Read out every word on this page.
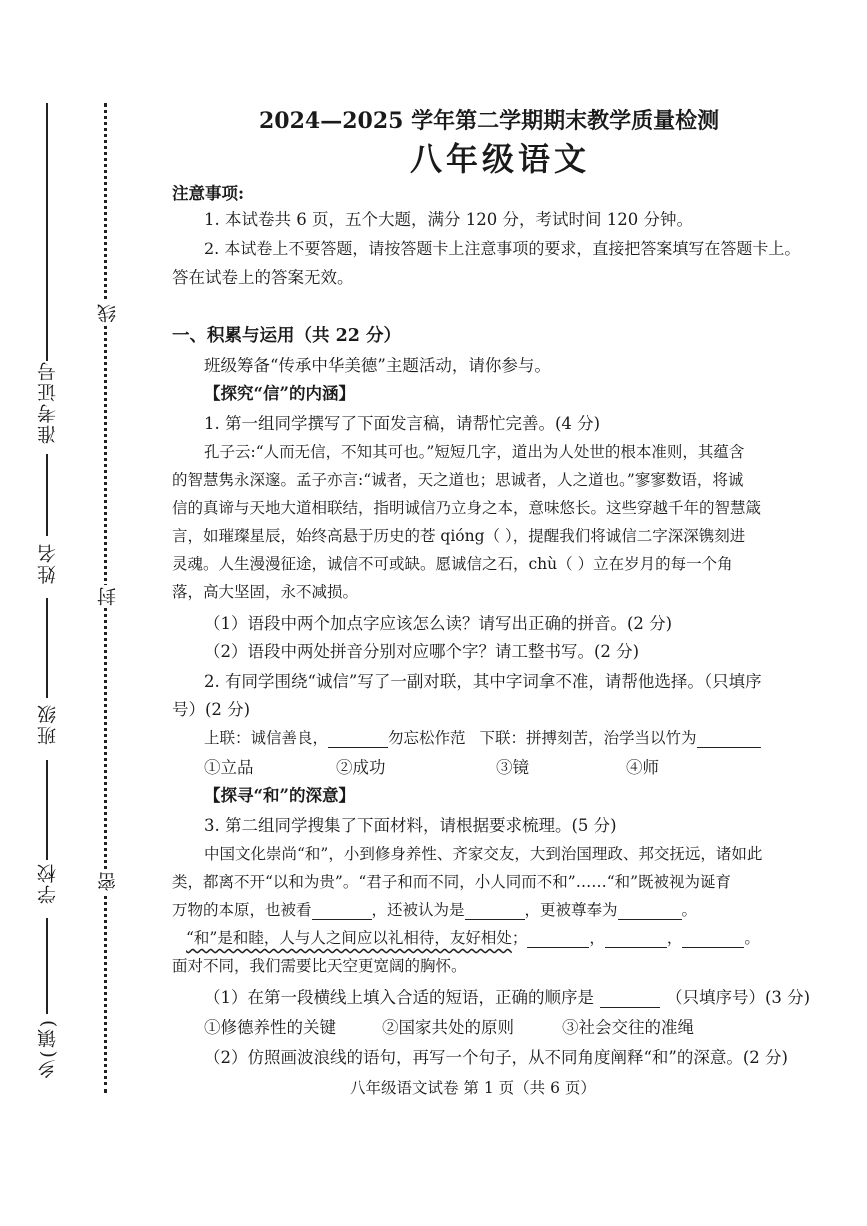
准考证号
姓名
班级
学校
乡(镇)
线
封
密
2024—2025 学年第二学期期末教学质量检测
八年级语文
注意事项:
1. 本试卷共 6 页，五个大题，满分 120 分，考试时间 120 分钟。
2. 本试卷上不要答题，请按答题卡上注意事项的要求，直接把答案填写在答题卡上。
答在试卷上的答案无效。
一、积累与运用（共 22 分）
班级筹备“传承中华美德”主题活动，请你参与。
【探究“信”的内涵】
1. 第一组同学撰写了下面发言稿，请帮忙完善。(4 分)
孔子云:“人而无信，不知其可也。”短短几字，道出为人处世的根本准则，其蕴含
的智慧隽永深邃。孟子亦言:“诚者，天之道也；思诚者，人之道也。”寥寥数语，将诚
信的真谛与天地大道相联结，指明诚信乃立身之本，意味悠长。这些穿越千年的智慧箴
言，如璀璨星辰，始终高悬于历史的苍 qióng（ ），提醒我们将诚信二字深深镌刻进
灵魂。人生漫漫征途，诚信不可或缺。愿诚信之石，chù（ ）立在岁月的每一个角
落，高大坚固，永不减损。
（1）语段中两个加点字应该怎么读？请写出正确的拼音。(2 分)
（2）语段中两处拼音分别对应哪个字？请工整书写。(2 分)
2. 有同学围绕“诚信”写了一副对联，其中字词拿不准，请帮他选择。（只填序
号）(2 分)
上联：诚信善良，	勿忘松作范 下联：拼搏刻苦，治学当以竹为
①立品	②成功	③镜	④师
【探寻“和”的深意】
3. 第二组同学搜集了下面材料，请根据要求梳理。(5 分)
中国文化崇尚“和”，小到修身养性、齐家交友，大到治国理政、邦交抚远，诸如此
类，都离不开“以和为贵”。“君子和而不同，小人同而不和”……“和”既被视为诞育
万物的本原，也被看	，还被认为是	，更被尊奉为	。
“和”是和睦，人与人之间应以礼相待，友好相处；	，	，	。
面对不同，我们需要比天空更宽阔的胸怀。
（1）在第一段横线上填入合适的短语，正确的顺序是	（只填序号）(3 分)
①修德养性的关键	②国家共处的原则	③社会交往的准绳
（2）仿照画波浪线的语句，再写一个句子，从不同角度阐释“和”的深意。(2 分)
八年级语文试卷 第 1 页（共 6 页）
